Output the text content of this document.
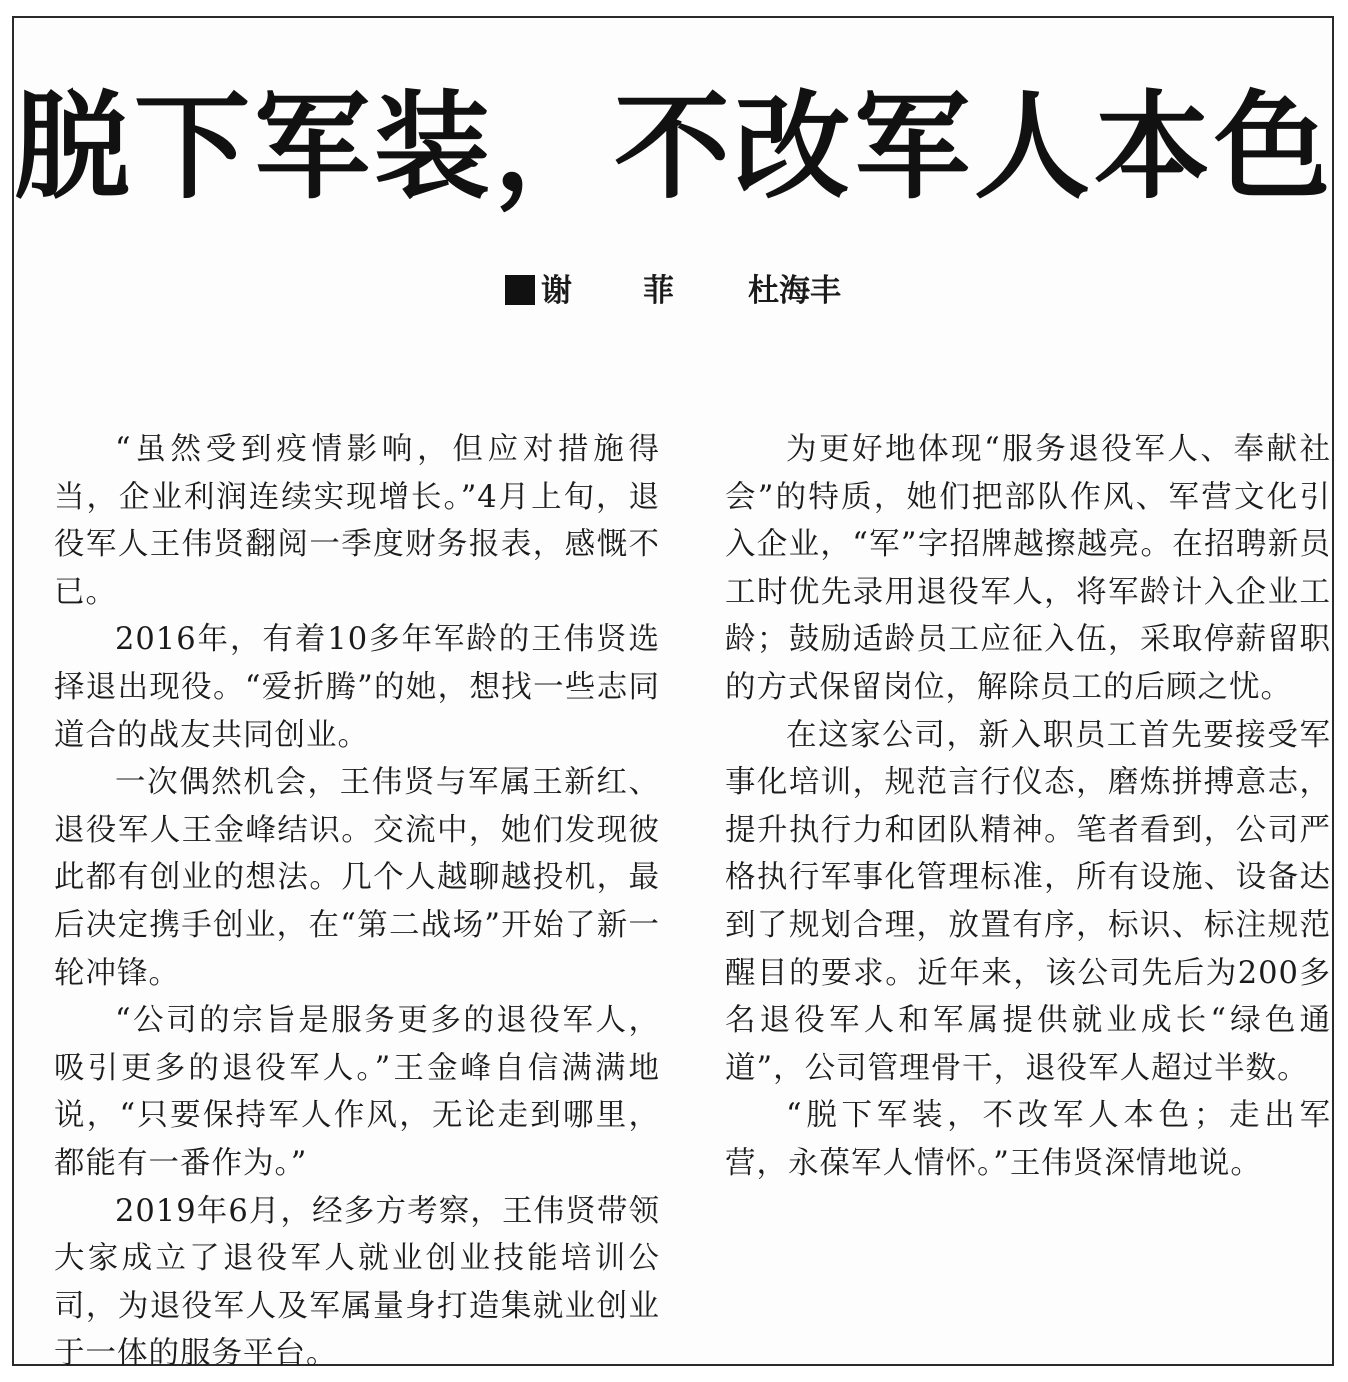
脱下军装，不改军人本色
谢　菲 杜海丰

“虽然受到疫情影响，但应对措施得当，企业利润连续实现增长。”4月上旬，退役军人王伟贤翻阅一季度财务报表，感慨不已。

2016年，有着10多年军龄的王伟贤选择退出现役。“爱折腾”的她，想找一些志同道合的战友共同创业。

一次偶然机会，王伟贤与军属王新红、退役军人王金峰结识。交流中，她们发现彼此都有创业的想法。几个人越聊越投机，最后决定携手创业，在“第二战场”开始了新一轮冲锋。

“公司的宗旨是服务更多的退役军人，吸引更多的退役军人。”王金峰自信满满地说，“只要保持军人作风，无论走到哪里，都能有一番作为。”

2019年6月，经多方考察，王伟贤带领大家成立了退役军人就业创业技能培训公司，为退役军人及军属量身打造集就业创业于一体的服务平台。

为更好地体现“服务退役军人、奉献社会”的特质，她们把部队作风、军营文化引入企业，“军”字招牌越擦越亮。在招聘新员工时优先录用退役军人，将军龄计入企业工龄；鼓励适龄员工应征入伍，采取停薪留职的方式保留岗位，解除员工的后顾之忧。

在这家公司，新入职员工首先要接受军事化培训，规范言行仪态，磨炼拼搏意志，提升执行力和团队精神。笔者看到，公司严格执行军事化管理标准，所有设施、设备达到了规划合理，放置有序，标识、标注规范醒目的要求。近年来，该公司先后为200多名退役军人和军属提供就业成长“绿色通道”，公司管理骨干，退役军人超过半数。

“脱下军装，不改军人本色；走出军营，永葆军人情怀。”王伟贤深情地说。
